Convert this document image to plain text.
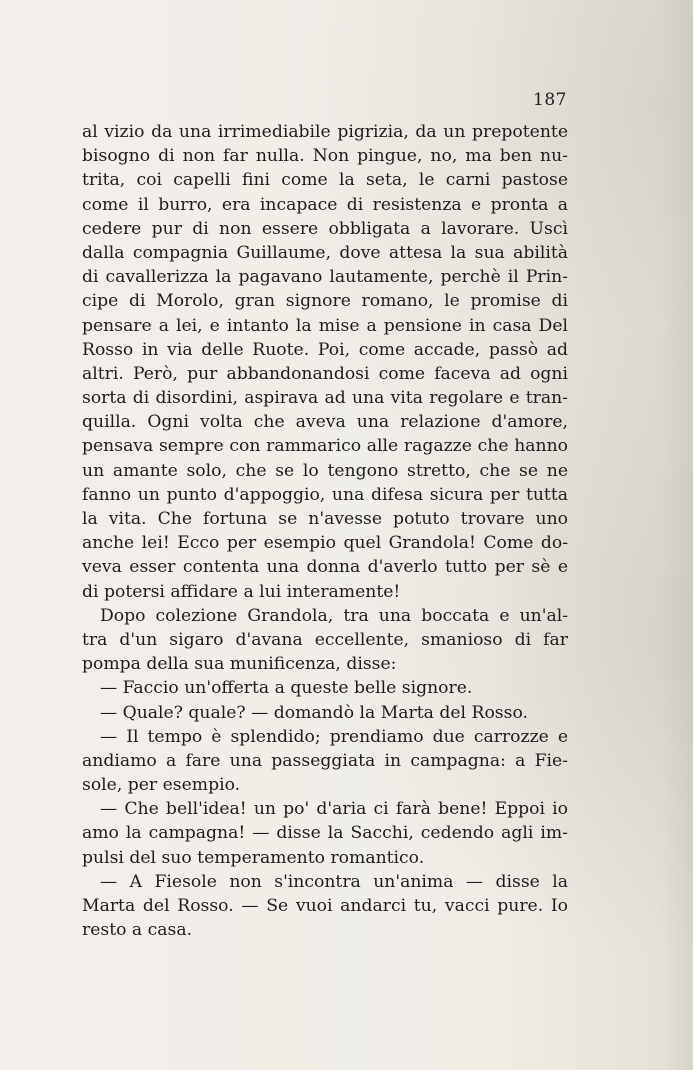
187
al vizio da una irrimediabile pigrizia, da un prepotente
bisogno di non far nulla. Non pingue, no, ma ben nu-
trita, coi capelli fini come la seta, le carni pastose
come il burro, era incapace di resistenza e pronta a
cedere pur di non essere obbligata a lavorare. Uscì
dalla compagnia Guillaume, dove attesa la sua abilità
di cavallerizza la pagavano lautamente, perchè il Prin-
cipe di Morolo, gran signore romano, le promise di
pensare a lei, e intanto la mise a pensione in casa Del
Rosso in via delle Ruote. Poi, come accade, passò ad
altri. Però, pur abbandonandosi come faceva ad ogni
sorta di disordini, aspirava ad una vita regolare e tran-
quilla. Ogni volta che aveva una relazione d'amore,
pensava sempre con rammarico alle ragazze che hanno
un amante solo, che se lo tengono stretto, che se ne
fanno un punto d'appoggio, una difesa sicura per tutta
la vita. Che fortuna se n'avesse potuto trovare uno
anche lei! Ecco per esempio quel Grandola! Come do-
veva esser contenta una donna d'averlo tutto per sè e
di potersi affidare a lui interamente!
Dopo colezione Grandola, tra una boccata e un'al-
tra d'un sigaro d'avana eccellente, smanioso di far
pompa della sua munificenza, disse:
— Faccio un'offerta a queste belle signore.
— Quale? quale? — domandò la Marta del Rosso.
— Il tempo è splendido; prendiamo due carrozze e
andiamo a fare una passeggiata in campagna: a Fie-
sole, per esempio.
— Che bell'idea! un po' d'aria ci farà bene! Eppoi io
amo la campagna! — disse la Sacchi, cedendo agli im-
pulsi del suo temperamento romantico.
— A Fiesole non s'incontra un'anima — disse la
Marta del Rosso. — Se vuoi andarci tu, vacci pure. Io
resto a casa.
